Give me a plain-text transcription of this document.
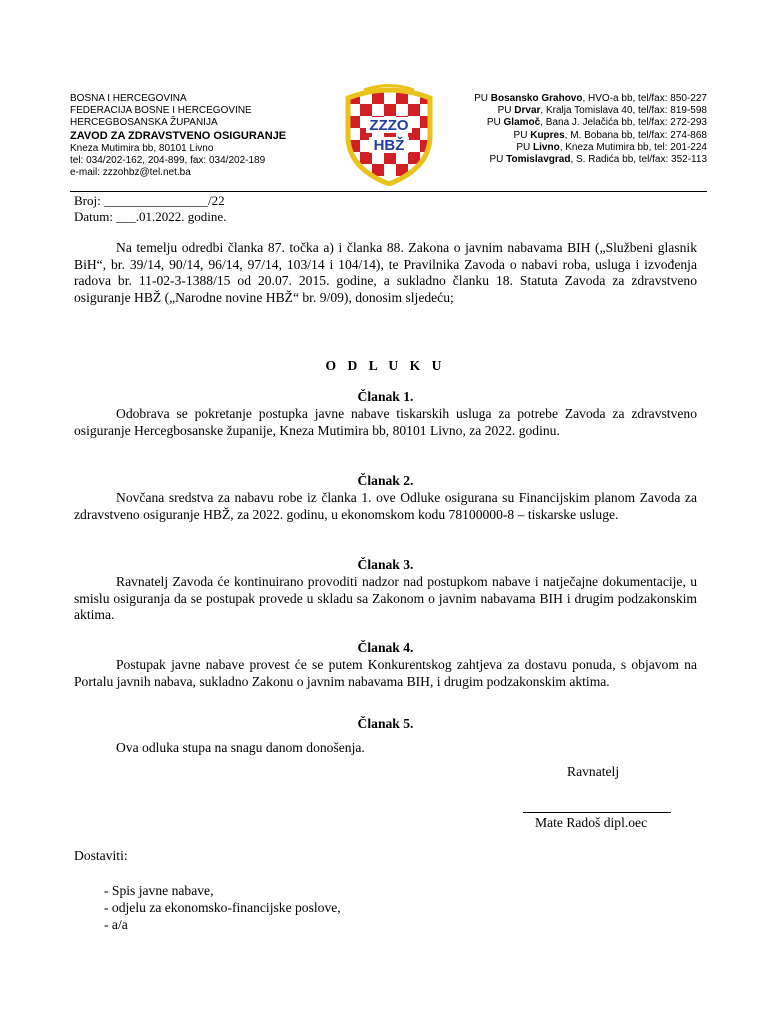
BOSNA I HERCEGOVINA
FEDERACIJA BOSNE I HERCEGOVINE
HERCEGBOSANSKA ŽUPANIJA
ZAVOD ZA ZDRAVSTVENO OSIGURANJE
Kneza Mutimira bb, 80101 Livno
tel: 034/202-162, 204-899, fax: 034/202-189
e-mail: zzzohbz@tel.net.ba
ZZZO
HBŽ
PU Bosansko Grahovo, HVO-a bb, tel/fax: 850-227
PU Drvar, Kralja Tomislava 40, tel/fax: 819-598
PU Glamoč, Bana J. Jelačića bb, tel/fax: 272-293
PU Kupres, M. Bobana bb, tel/fax: 274-868
PU Livno, Kneza Mutimira bb, tel: 201-224
PU Tomislavgrad, S. Radića bb, tel/fax: 352-113
Broj: ________________/22
Datum: ___.01.2022. godine.
Na temelju odredbi članka 87. točka a) i članka 88. Zakona o javnim nabavama BIH („Službeni glasnik BiH“, br. 39/14, 90/14, 96/14, 97/14, 103/14 i 104/14), te Pravilnika Zavoda o nabavi roba, usluga i izvođenja radova br. 11-02-3-1388/15 od 20.07. 2015. godine, a sukladno članku 18. Statuta Zavoda za zdravstveno osiguranje HBŽ („Narodne novine HBŽ“ br. 9/09), donosim sljedeću;
O D L U K U
Članak 1.
Odobrava se pokretanje postupka javne nabave tiskarskih usluga za potrebe Zavoda za zdravstveno osiguranje Hercegbosanske županije, Kneza Mutimira bb, 80101 Livno, za 2022. godinu.
Članak 2.
Novčana sredstva za nabavu robe iz članka 1. ove Odluke osigurana su Financijskim planom Zavoda za zdravstveno osiguranje HBŽ, za 2022. godinu, u ekonomskom kodu 78100000-8 – tiskarske usluge.
Članak 3.
Ravnatelj Zavoda će kontinuirano provoditi nadzor nad postupkom nabave i natječajne dokumentacije, u smislu osiguranja da se postupak provede u skladu sa Zakonom o javnim nabavama BIH i drugim podzakonskim aktima.
Članak 4.
Postupak javne nabave provest će se putem Konkurentskog zahtjeva za dostavu ponuda, s objavom na Portalu javnih nabava, sukladno Zakonu o javnim nabavama BIH, i drugim podzakonskim aktima.
Članak 5.
Ova odluka stupa na snagu danom donošenja.
Ravnatelj
Mate Radoš dipl.oec
Dostaviti:
- Spis javne nabave,
- odjelu za ekonomsko-financijske poslove,
- a/a
